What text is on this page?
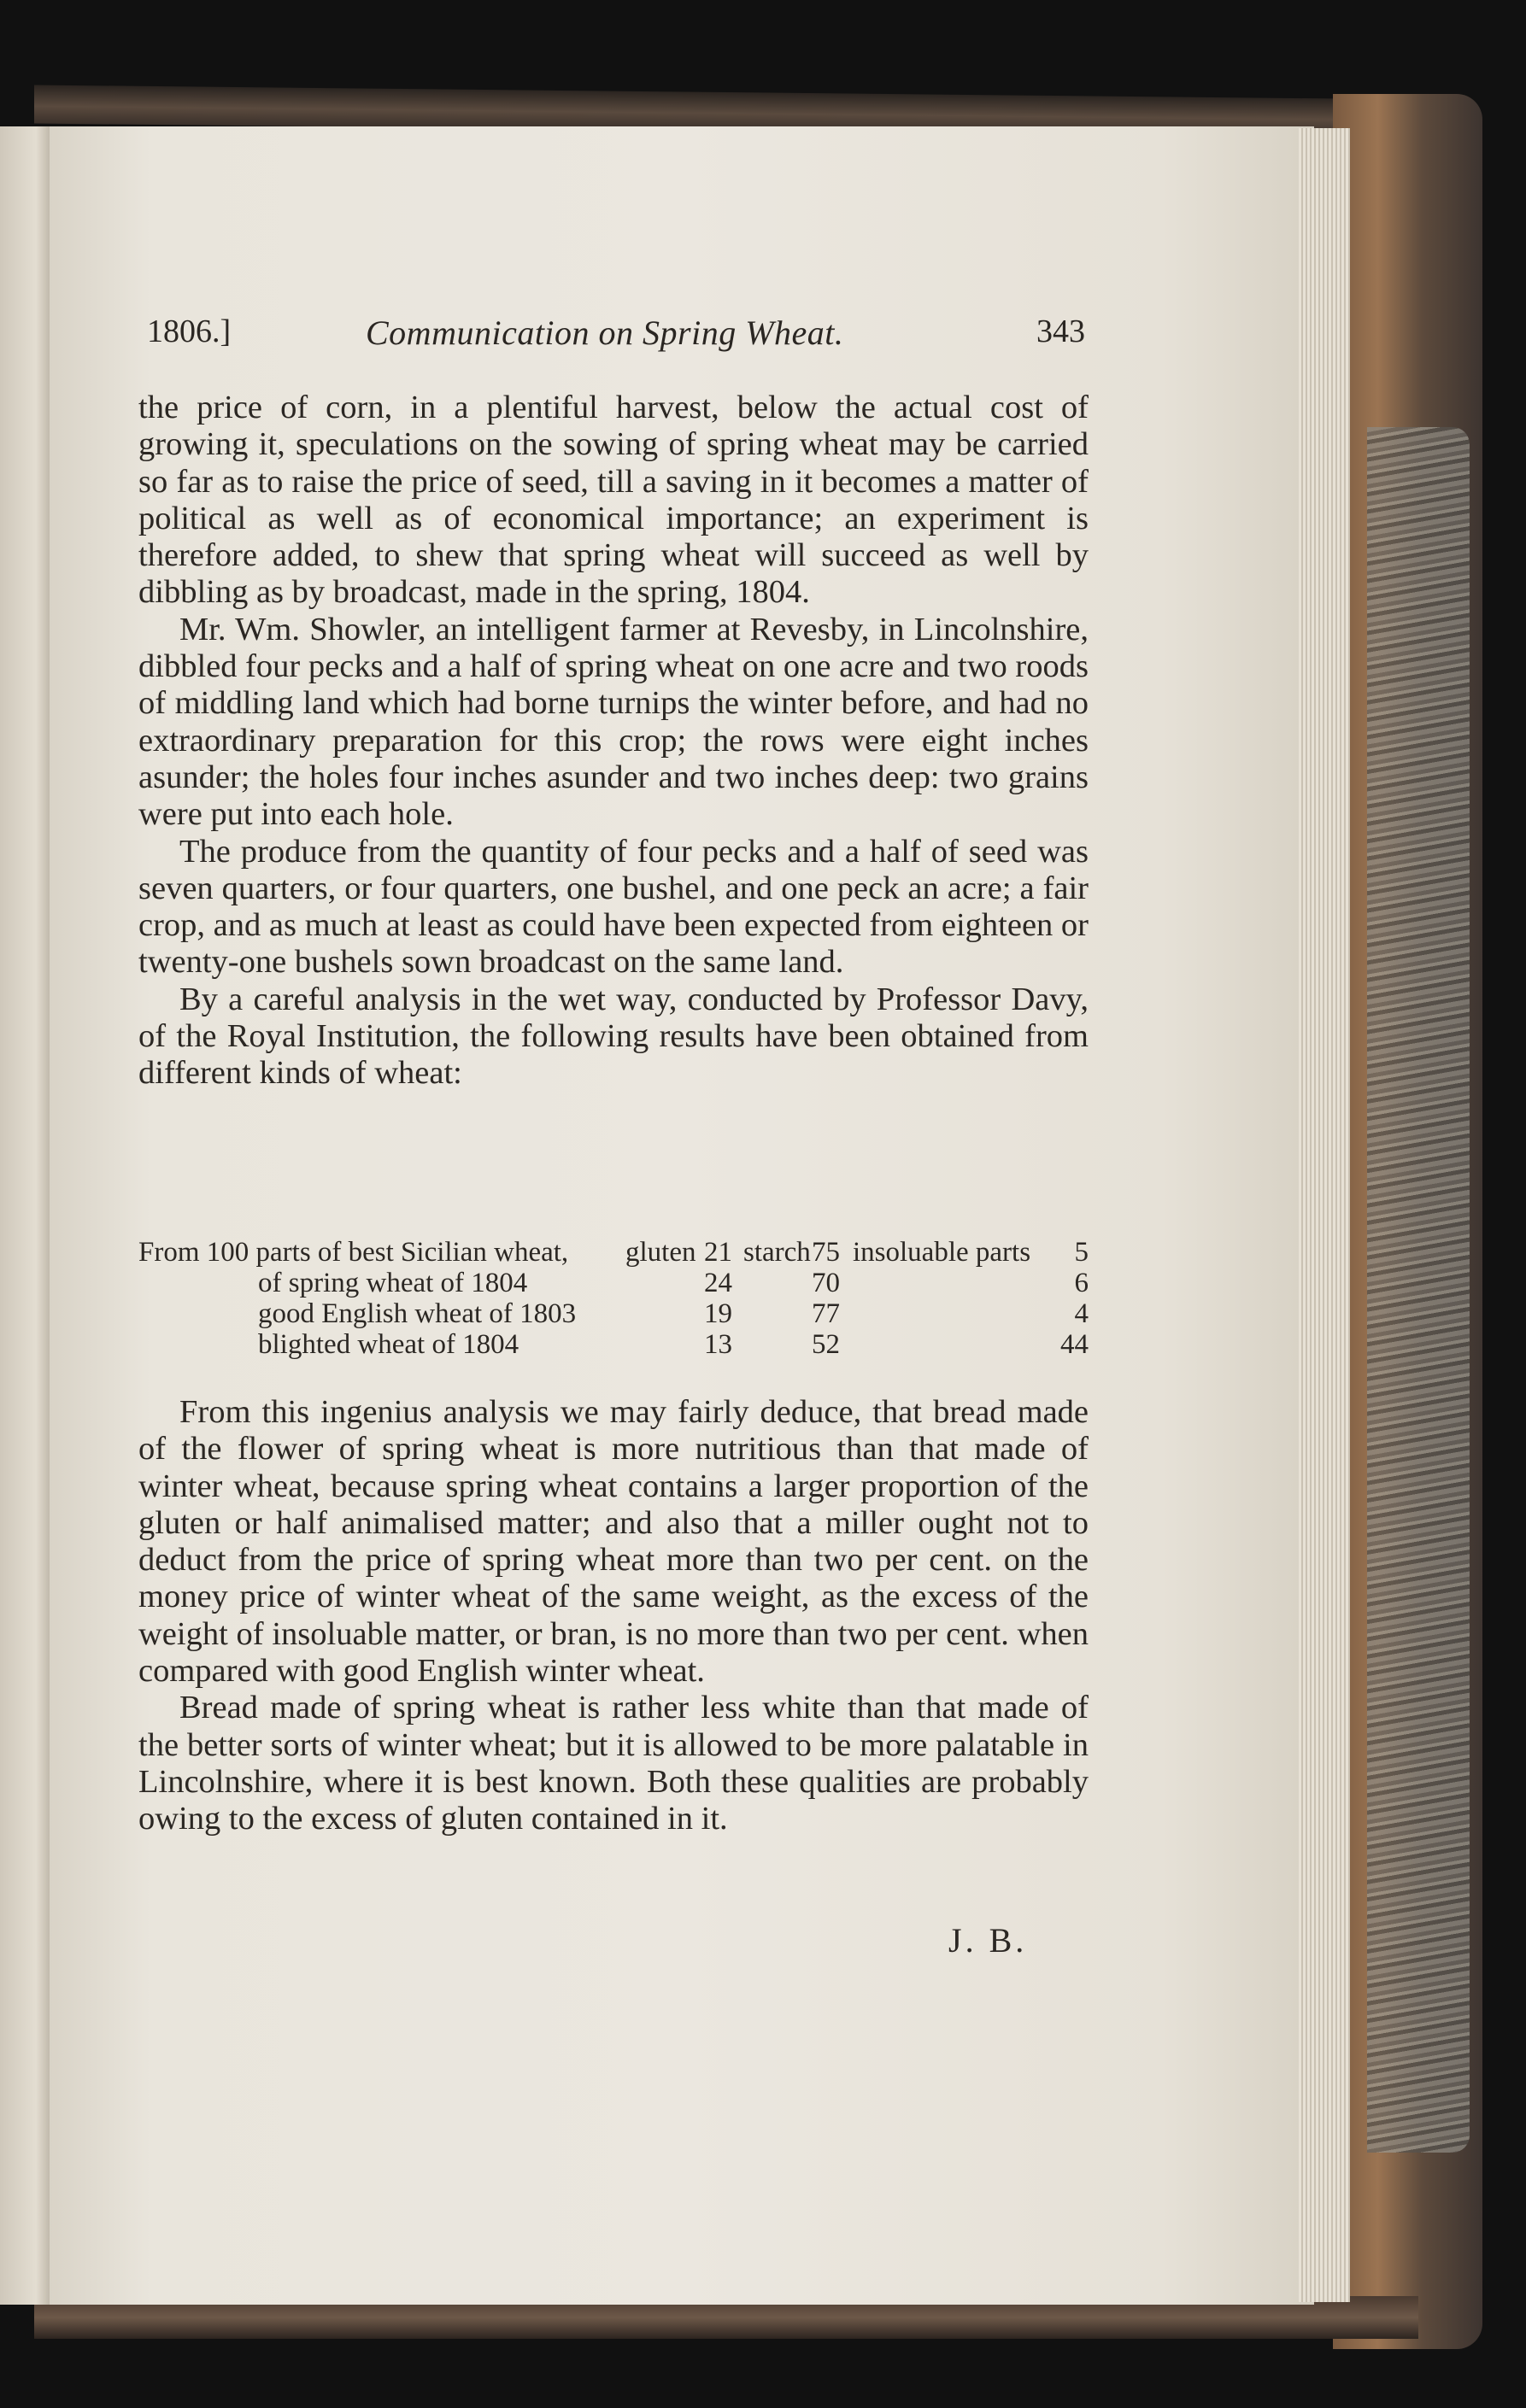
1806.]	Communication on Spring Wheat.	343

the price of corn, in a plentiful harvest, below the actual cost of growing it, speculations on the sowing of spring wheat may be carried so far as to raise the price of seed, till a saving in it becomes a matter of political as well as of economical importance; an experiment is therefore added, to shew that spring wheat will succeed as well by dibbling as by broadcast, made in the spring, 1804.

Mr. Wm. Showler, an intelligent farmer at Revesby, in Lincolnshire, dibbled four pecks and a half of spring wheat on one acre and two roods of middling land which had borne turnips the winter before, and had no extraordinary preparation for this crop; the rows were eight inches asunder; the holes four inches asunder and two inches deep: two grains were put into each hole.

The produce from the quantity of four pecks and a half of seed was seven quarters, or four quarters, one bushel, and one peck an acre; a fair crop, and as much at least as could have been expected from eighteen or twenty-one bushels sown broadcast on the same land.

By a careful analysis in the wet way, conducted by Professor Davy, of the Royal Institution, the following results have been obtained from different kinds of wheat:

From 100 parts of best Sicilian wheat, gluten 21 starch 75 insoluable parts 5
of spring wheat of 1804	24	70	6
good English wheat of 1803	19	77	4
blighted wheat of 1804	13	52	44

From this ingenius analysis we may fairly deduce, that bread made of the flower of spring wheat is more nutritious than that made of winter wheat, because spring wheat contains a larger proportion of the gluten or half animalised matter; and also that a miller ought not to deduct from the price of spring wheat more than two per cent. on the money price of winter wheat of the same weight, as the excess of the weight of insoluable matter, or bran, is no more than two per cent. when compared with good English winter wheat.

Bread made of spring wheat is rather less white than that made of the better sorts of winter wheat; but it is allowed to be more palatable in Lincolnshire, where it is best known. Both these qualities are probably owing to the excess of gluten contained in it.

J. B.
